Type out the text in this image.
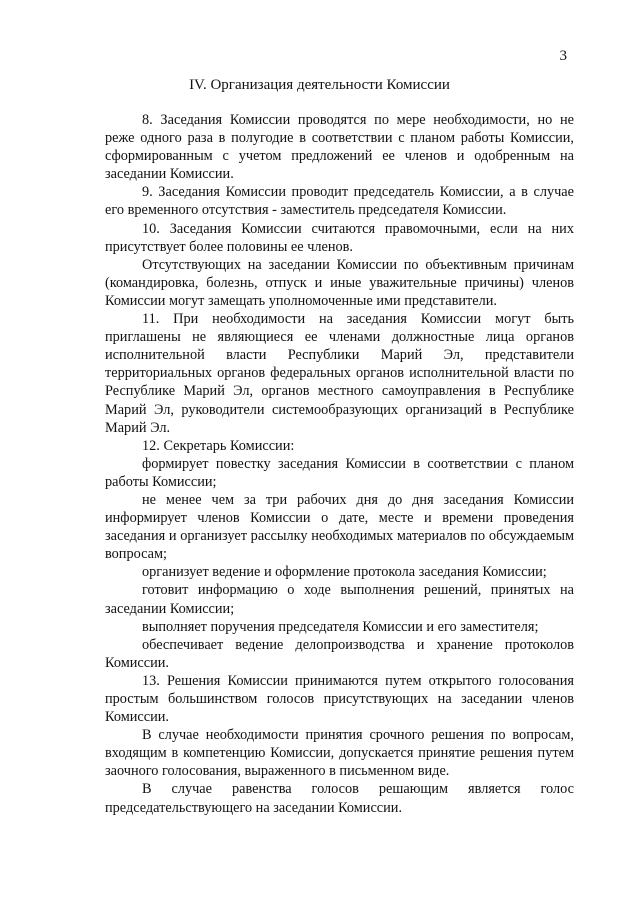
3
IV. Организация деятельности Комиссии

8. Заседания Комиссии проводятся по мере необходимости, но не реже одного раза в полугодие в соответствии с планом работы Комиссии, сформированным с учетом предложений ее членов и одобренным на заседании Комиссии.

9. Заседания Комиссии проводит председатель Комиссии, а в случае его временного отсутствия - заместитель председателя Комиссии.

10. Заседания Комиссии считаются правомочными, если на них присутствует более половины ее членов.

Отсутствующих на заседании Комиссии по объективным причинам (командировка, болезнь, отпуск и иные уважительные причины) членов Комиссии могут замещать уполномоченные ими представители.

11. При необходимости на заседания Комиссии могут быть приглашены не являющиеся ее членами должностные лица органов исполнительной власти Республики Марий Эл, представители территориальных органов федеральных органов исполнительной власти по Республике Марий Эл, органов местного самоуправления в Республике Марий Эл, руководители системообразующих организаций в Республике Марий Эл.

12. Секретарь Комиссии:

формирует повестку заседания Комиссии в соответствии с планом работы Комиссии;

не менее чем за три рабочих дня до дня заседания Комиссии информирует членов Комиссии о дате, месте и времени проведения заседания и организует рассылку необходимых материалов по обсуждаемым вопросам;

организует ведение и оформление протокола заседания Комиссии;

готовит информацию о ходе выполнения решений, принятых на заседании Комиссии;

выполняет поручения председателя Комиссии и его заместителя;

обеспечивает ведение делопроизводства и хранение протоколов Комиссии.

13. Решения Комиссии принимаются путем открытого голосования простым большинством голосов присутствующих на заседании членов Комиссии.

В случае необходимости принятия срочного решения по вопросам, входящим в компетенцию Комиссии, допускается принятие решения путем заочного голосования, выраженного в письменном виде.

В случае равенства голосов решающим является голос председательствующего на заседании Комиссии.
